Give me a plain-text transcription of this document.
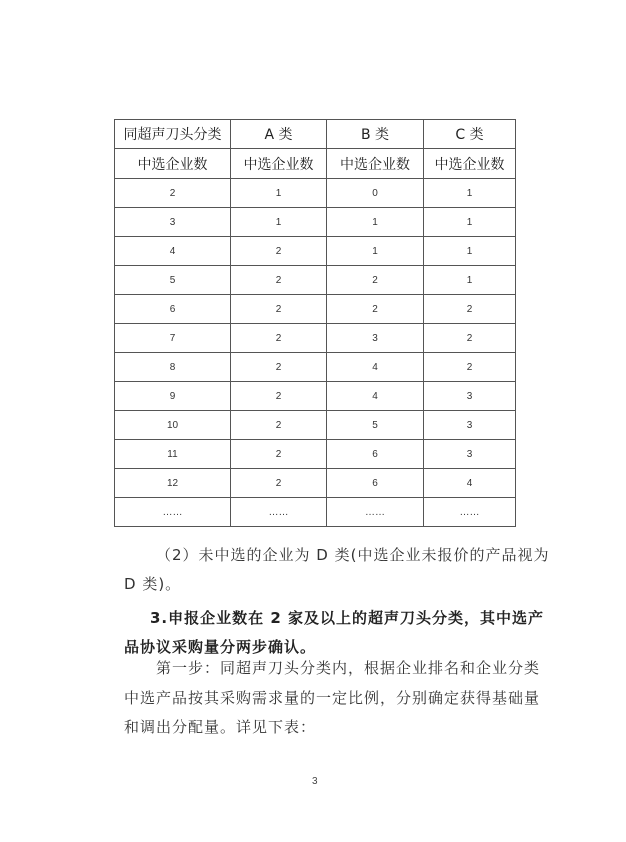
同超声刀头分类	A 类	B 类	C 类
中选企业数	中选企业数	中选企业数	中选企业数
2	1	0	1
3	1	1	1
4	2	1	1
5	2	2	1
6	2	2	2
7	2	3	2
8	2	4	2
9	2	4	3
10	2	5	3
11	2	6	3
12	2	6	4
……	……	……	……
（2）未中选的企业为 D 类(中选企业未报价的产品视为
D 类)。
3.申报企业数在 2 家及以上的超声刀头分类，其中选产
品协议采购量分两步确认。
第一步：同超声刀头分类内，根据企业排名和企业分类
中选产品按其采购需求量的一定比例，分别确定获得基础量
和调出分配量。详见下表：
3
